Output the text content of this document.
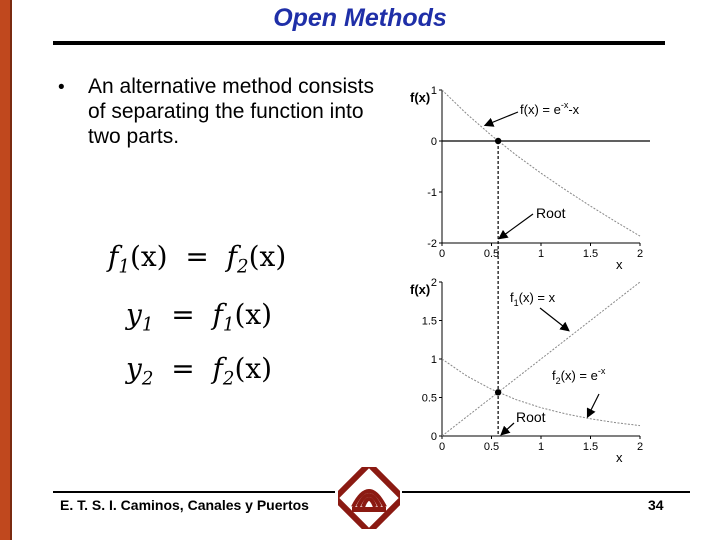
Open Methods
• An alternative method consists of separating the function into two parts.
$f_1(x) = f_2(x)$
$y_1 = f_1(x)$
$y_2 = f_2(x)$
1
0
-1
-2
0	0.5	1	1.5	2
f(x)
x
2
1.5
1
0.5
0
0	0.5	1	1.5	2
f(x)
x
$f(x) = e^{-x}-x$
Root
$f_1(x) = x$
$f_2(x) = e^{-x}$
Root
E. T. S. I. Caminos, Canales y Puertos	34
